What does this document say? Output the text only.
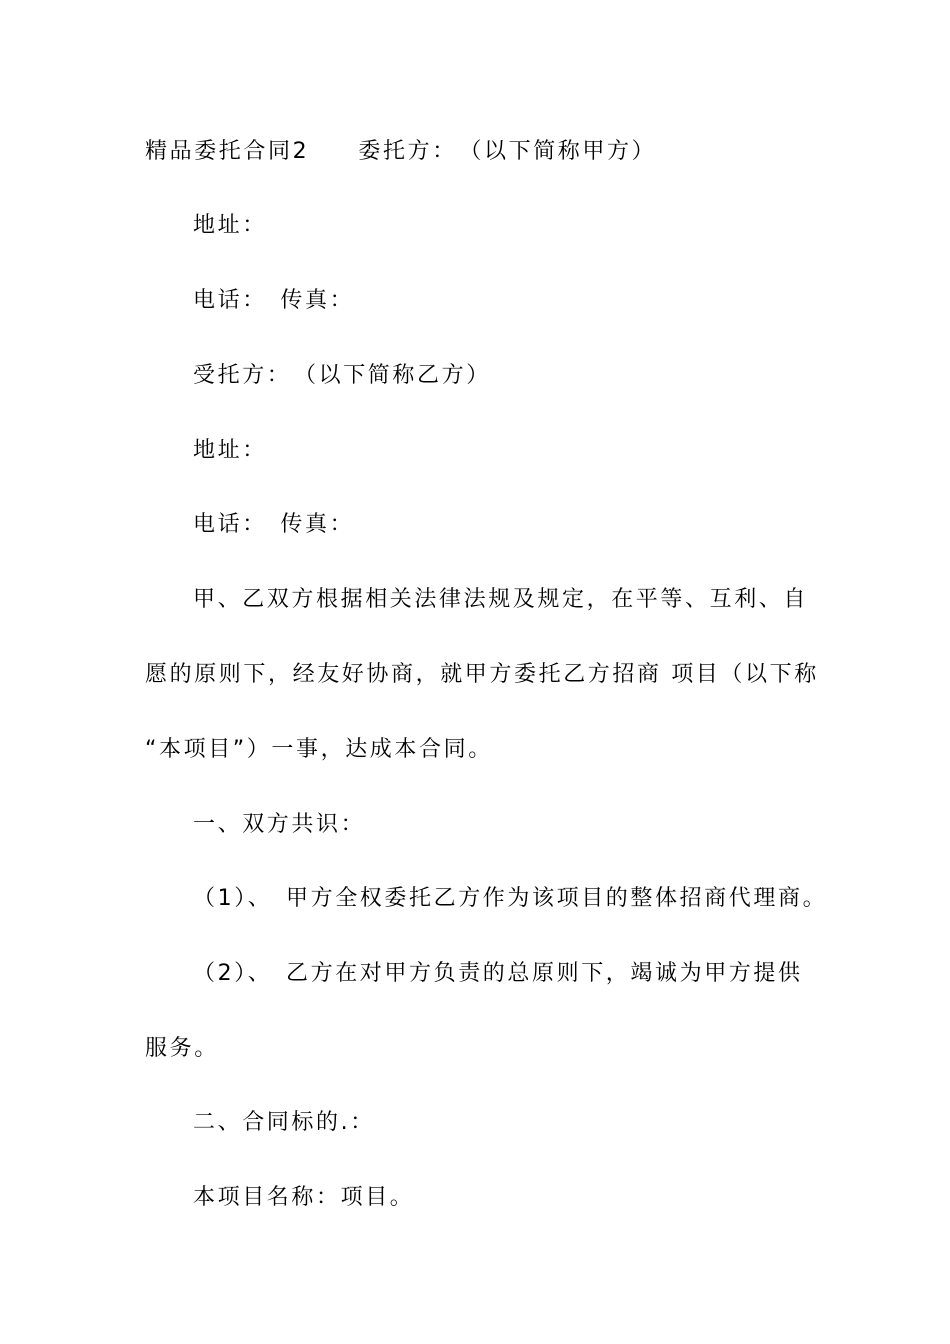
精品委托合同2　　委托方：　（以下简称甲方）
地址：
电话：　传真：
受托方：　（以下简称乙方）
地址：
电话：　传真：
甲、乙双方根据相关法律法规及规定，在平等、互利、自
愿的原则下，经友好协商，就甲方委托乙方招商 项目（以下称
“本项目”）一事，达成本合同。
一、双方共识：
（1）、　甲方全权委托乙方作为该项目的整体招商代理商。
（2）、　乙方在对甲方负责的总原则下，竭诚为甲方提供
服务。
二、合同标的.：
本项目名称：项目。
